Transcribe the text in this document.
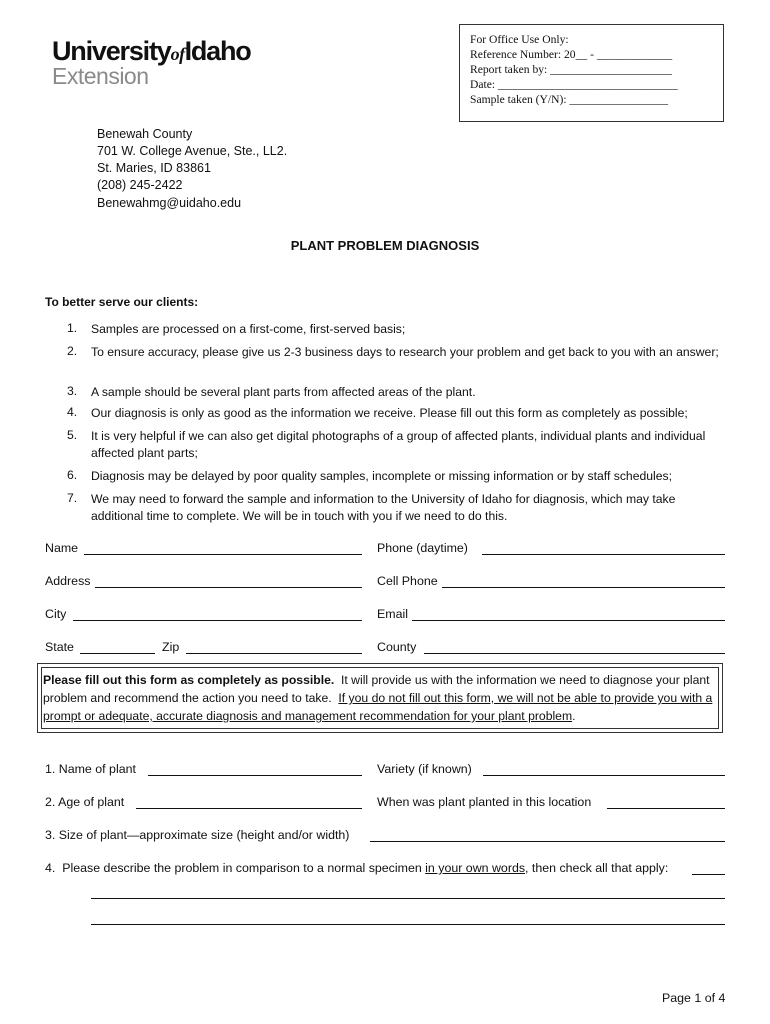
UniversityofIdaho
Extension
For Office Use Only:
Reference Number: 20__ - _____________
Report taken by: _____________________
Date: _______________________________
Sample taken (Y/N): _________________
Benewah County
701 W. College Avenue, Ste., LL2.
St. Maries, ID 83861
(208) 245-2422
Benewahmg@uidaho.edu
PLANT PROBLEM DIAGNOSIS
To better serve our clients:
1. Samples are processed on a first-come, first-served basis;
2. To ensure accuracy, please give us 2-3 business days to research your problem and get back to you with an answer;
3. A sample should be several plant parts from affected areas of the plant.
4. Our diagnosis is only as good as the information we receive. Please fill out this form as completely as possible;
5. It is very helpful if we can also get digital photographs of a group of affected plants, individual plants and individual affected plant parts;
6. Diagnosis may be delayed by poor quality samples, incomplete or missing information or by staff schedules;
7. We may need to forward the sample and information to the University of Idaho for diagnosis, which may take additional time to complete. We will be in touch with you if we need to do this.
Name	Phone (daytime)
Address	Cell Phone
City	Email
State	Zip	County
Please fill out this form as completely as possible.  It will provide us with the information we need to diagnose your plant problem and recommend the action you need to take.  If you do not fill out this form, we will not be able to provide you with a prompt or adequate, accurate diagnosis and management recommendation for your plant problem.
1. Name of plant	Variety (if known)
2. Age of plant	When was plant planted in this location
3. Size of plant—approximate size (height and/or width)
4.  Please describe the problem in comparison to a normal specimen in your own words, then check all that apply:
Page 1 of 4
